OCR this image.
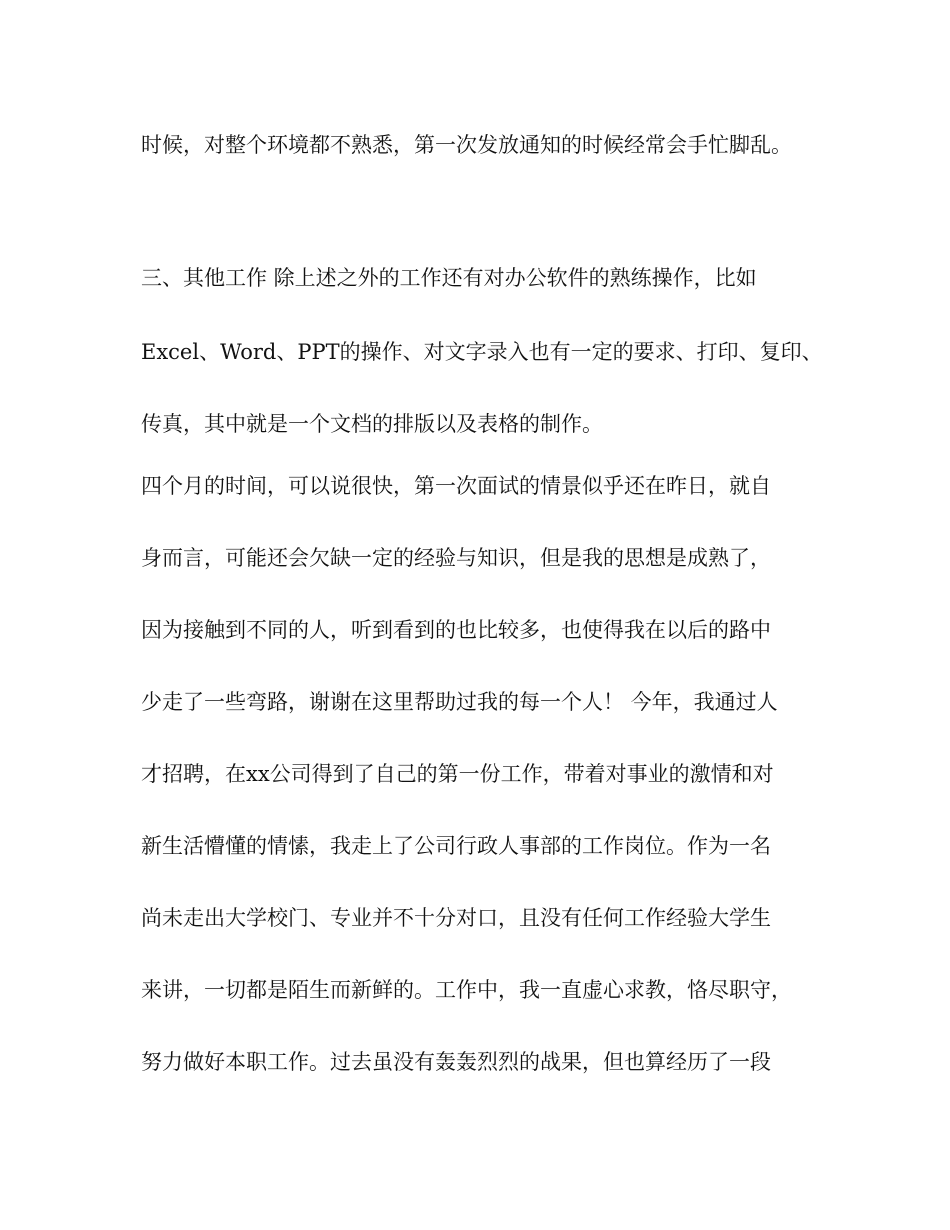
时候，对整个环境都不熟悉，第一次发放通知的时候经常会手忙脚乱。

三、其他工作 除上述之外的工作还有对办公软件的熟练操作，比如

Excel、Word、PPT的操作、对文字录入也有一定的要求、打印、复印、

传真，其中就是一个文档的排版以及表格的制作。

四个月的时间，可以说很快，第一次面试的情景似乎还在昨日，就自

身而言，可能还会欠缺一定的经验与知识，但是我的思想是成熟了，

因为接触到不同的人，听到看到的也比较多，也使得我在以后的路中

少走了一些弯路，谢谢在这里帮助过我的每一个人！ 今年，我通过人

才招聘，在xx公司得到了自己的第一份工作，带着对事业的激情和对

新生活懵懂的情愫，我走上了公司行政人事部的工作岗位。作为一名

尚未走出大学校门、专业并不十分对口，且没有任何工作经验大学生

来讲，一切都是陌生而新鲜的。工作中，我一直虚心求教，恪尽职守，

努力做好本职工作。过去虽没有轰轰烈烈的战果，但也算经历了一段
